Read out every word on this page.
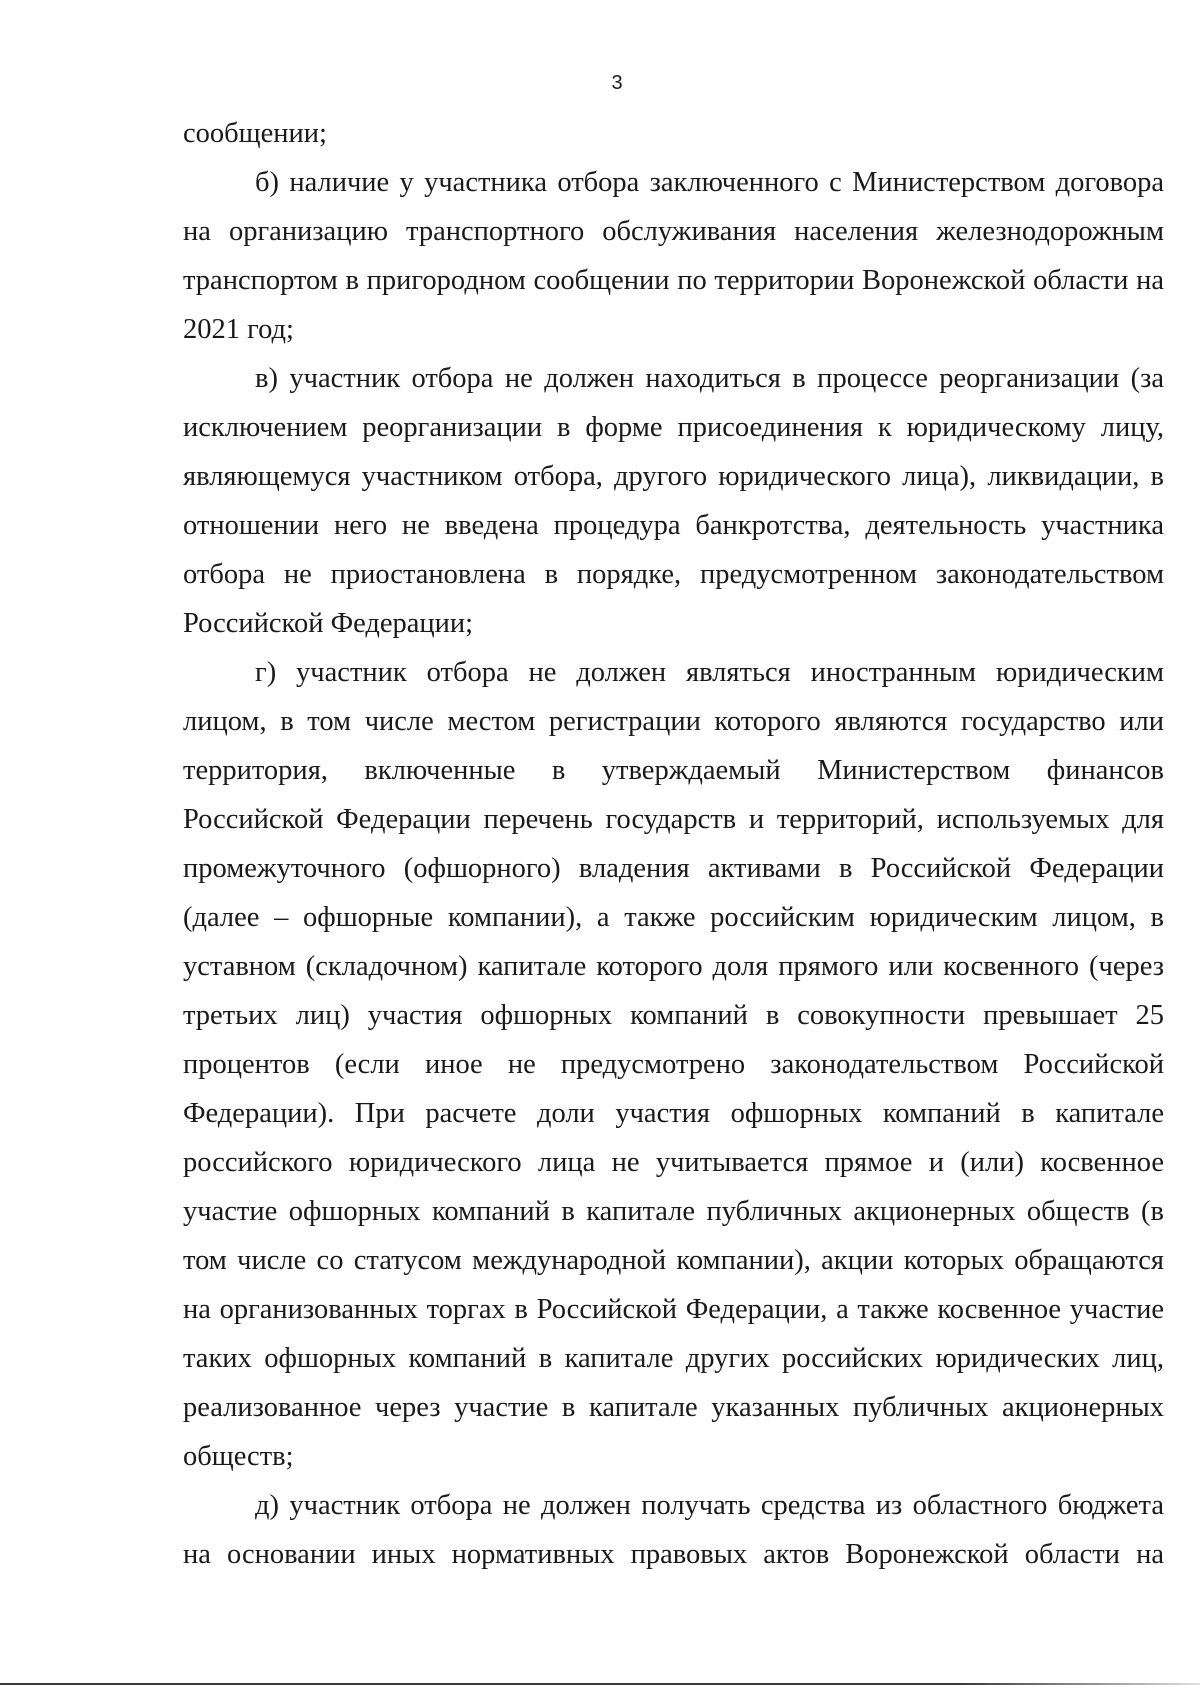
3

сообщении;

б) наличие у участника отбора заключенного с Министерством договора на организацию транспортного обслуживания населения железнодорожным транспортом в пригородном сообщении по территории Воронежской области на 2021 год;

в) участник отбора не должен находиться в процессе реорганизации (за исключением реорганизации в форме присоединения к юридическому лицу, являющемуся участником отбора, другого юридического лица), ликвидации, в отношении него не введена процедура банкротства, деятельность участника отбора не приостановлена в порядке, предусмотренном законодательством Российской Федерации;

г) участник отбора не должен являться иностранным юридическим лицом, в том числе местом регистрации которого являются государство или территория, включенные в утверждаемый Министерством финансов Российской Федерации перечень государств и территорий, используемых для промежуточного (офшорного) владения активами в Российской Федерации (далее – офшорные компании), а также российским юридическим лицом, в уставном (складочном) капитале которого доля прямого или косвенного (через третьих лиц) участия офшорных компаний в совокупности превышает 25 процентов (если иное не предусмотрено законодательством Российской Федерации). При расчете доли участия офшорных компаний в капитале российского юридического лица не учитывается прямое и (или) косвенное участие офшорных компаний в капитале публичных акционерных обществ (в том числе со статусом международной компании), акции которых обращаются на организованных торгах в Российской Федерации, а также косвенное участие таких офшорных компаний в капитале других российских юридических лиц, реализованное через участие в капитале указанных публичных акционерных обществ;

д) участник отбора не должен получать средства из областного бюджета на основании иных нормативных правовых актов Воронежской области на
